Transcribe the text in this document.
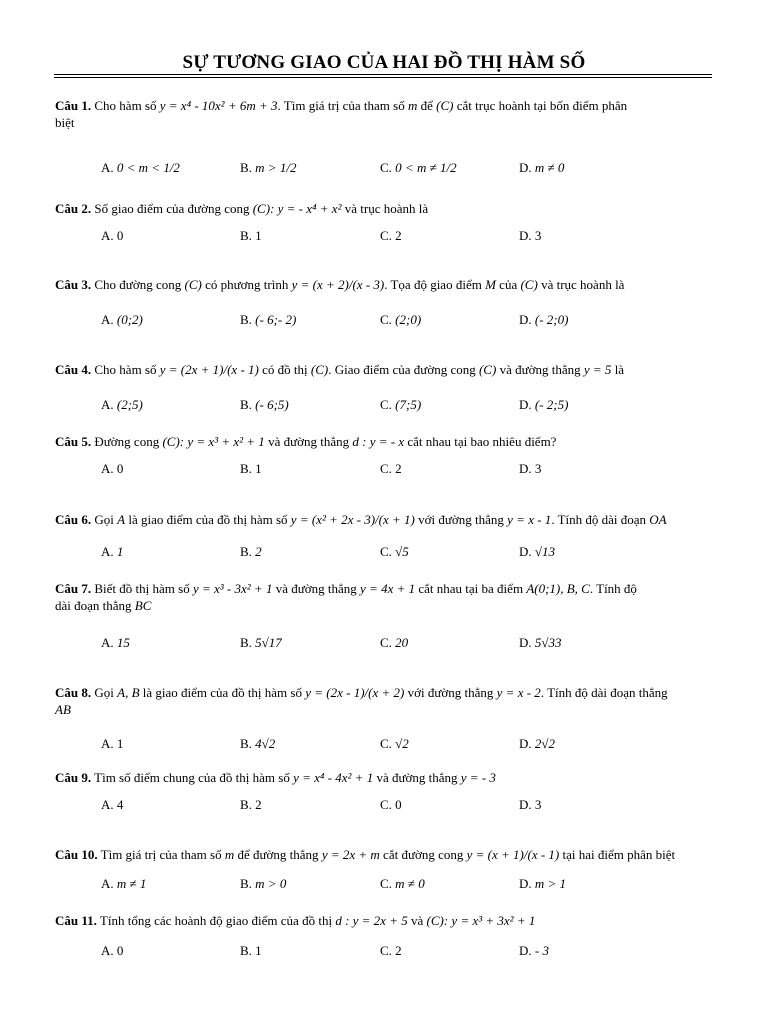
SỰ TƯƠNG GIAO CỦA HAI ĐỒ THỊ HÀM SỐ
Câu 1. Cho hàm số y = x⁴ - 10x² + 6m + 3. Tìm giá trị của tham số m để (C) cắt trục hoành tại bốn điểm phân
biệt
A. 0 < m < 1/2	B. m > 1/2	C. 0 < m ≠ 1/2	D. m ≠ 0
Câu 2. Số giao điểm của đường cong (C): y = - x⁴ + x² và trục hoành là
A. 0	B. 1	C. 2	D. 3
Câu 3. Cho đường cong (C) có phương trình y = (x + 2)/(x - 3). Tọa độ giao điểm M của (C) và trục hoành là
A. (0;2)	B. (- 6;- 2)	C. (2;0)	D. (- 2;0)
Câu 4. Cho hàm số y = (2x + 1)/(x - 1) có đồ thị (C). Giao điểm của đường cong (C) và đường thẳng y = 5 là
A. (2;5)	B. (- 6;5)	C. (7;5)	D. (- 2;5)
Câu 5. Đường cong (C): y = x³ + x² + 1 và đường thẳng d : y = - x cắt nhau tại bao nhiêu điểm?
A. 0	B. 1	C. 2	D. 3
Câu 6. Gọi A là giao điểm của đồ thị hàm số y = (x² + 2x - 3)/(x + 1) với đường thẳng y = x - 1. Tính độ dài đoạn OA
A. 1	B. 2	C. √5	D. √13
Câu 7. Biết đồ thị hàm số y = x³ - 3x² + 1 và đường thẳng y = 4x + 1 cắt nhau tại ba điểm A(0;1), B, C. Tính độ
dài đoạn thẳng BC
A. 15	B. 5√17	C. 20	D. 5√33
Câu 8. Gọi A, B là giao điểm của đồ thị hàm số y = (2x - 1)/(x + 2) với đường thẳng y = x - 2. Tính độ dài đoạn thẳng
AB
A. 1	B. 4√2	C. √2	D. 2√2
Câu 9. Tìm số điểm chung của đồ thị hàm số y = x⁴ - 4x² + 1 và đường thẳng y = - 3
A. 4	B. 2	C. 0	D. 3
Câu 10. Tìm giá trị của tham số m để đường thẳng y = 2x + m cắt đường cong y = (x + 1)/(x - 1) tại hai điểm phân biệt
A. m ≠ 1	B. m > 0	C. m ≠ 0	D. m > 1
Câu 11. Tính tổng các hoành độ giao điểm của đồ thị d : y = 2x + 5 và (C): y = x³ + 3x² + 1
A. 0	B. 1	C. 2	D. - 3
